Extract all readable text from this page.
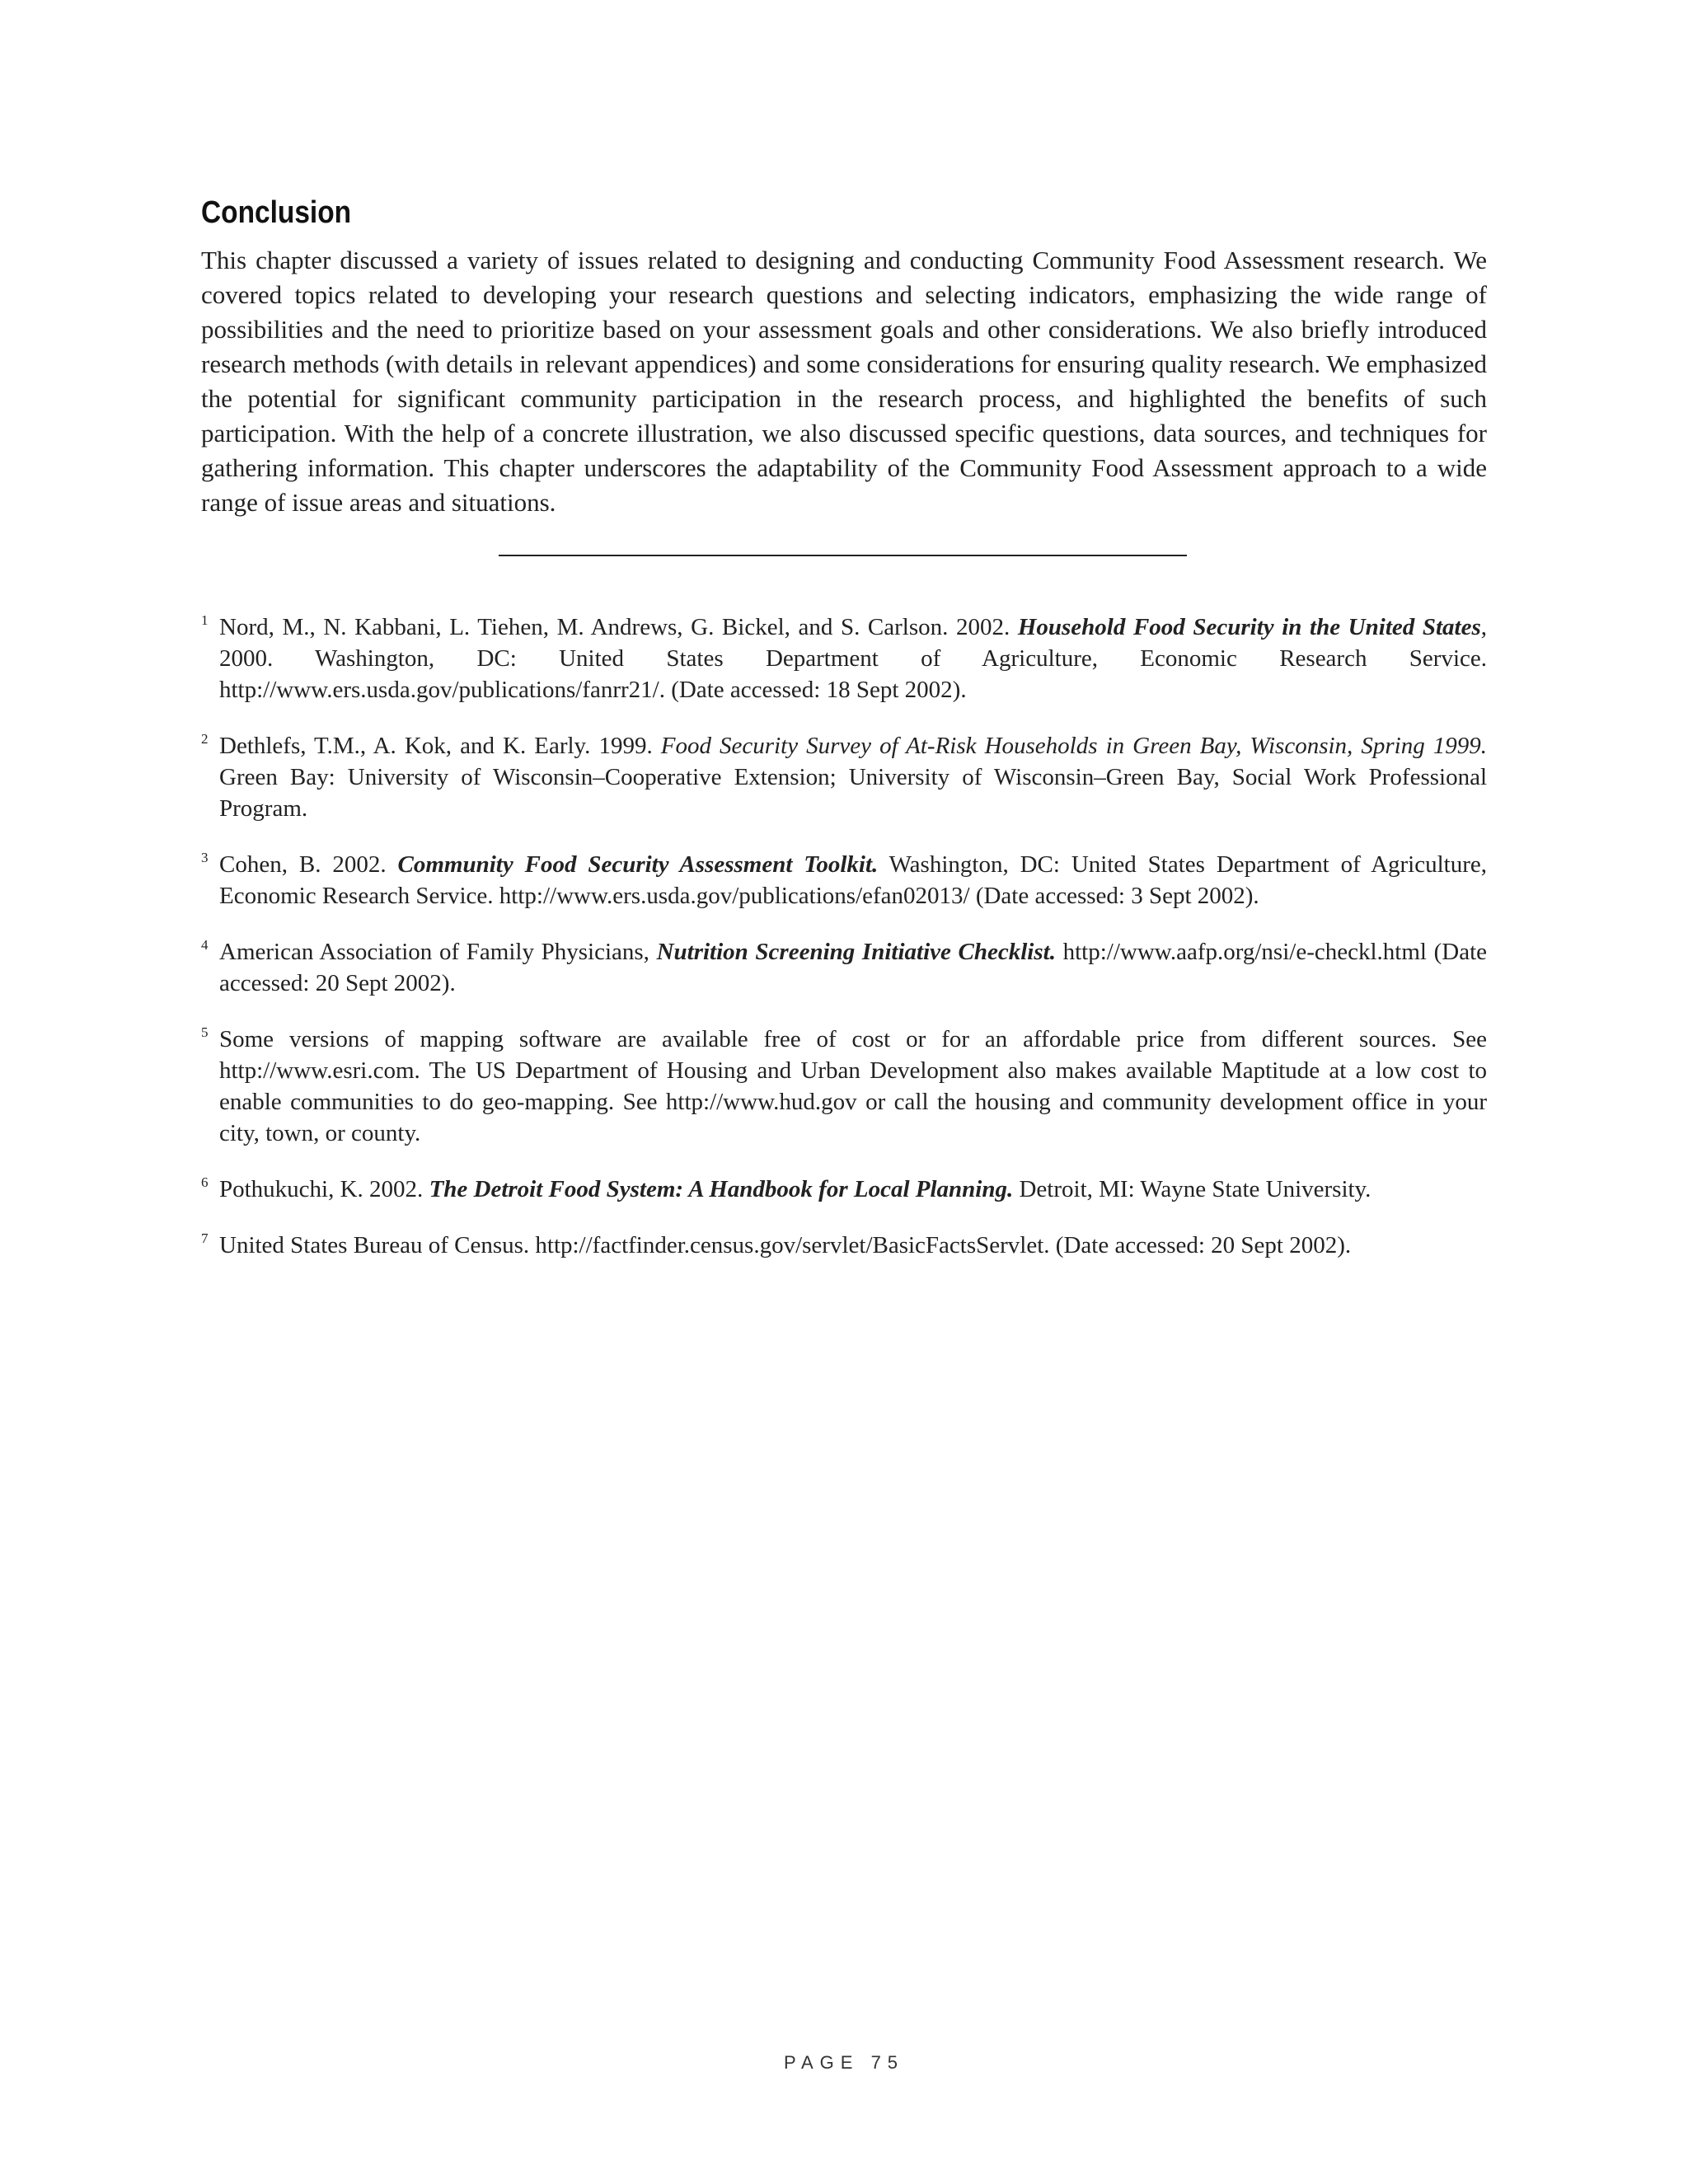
Conclusion

This chapter discussed a variety of issues related to designing and conducting Community Food Assessment research. We covered topics related to developing your research questions and selecting indicators, emphasizing the wide range of possibilities and the need to prioritize based on your assessment goals and other considerations. We also briefly introduced research methods (with details in relevant appendices) and some considerations for ensuring quality research. We emphasized the potential for significant community participation in the research process, and highlighted the benefits of such participation. With the help of a concrete illustration, we also discussed specific questions, data sources, and techniques for gathering information. This chapter underscores the adaptability of the Community Food Assessment approach to a wide range of issue areas and situations.

1 Nord, M., N. Kabbani, L. Tiehen, M. Andrews, G. Bickel, and S. Carlson. 2002. Household Food Security in the United States, 2000. Washington, DC: United States Department of Agriculture, Economic Research Service. http://www.ers.usda.gov/publications/fanrr21/. (Date accessed: 18 Sept 2002).
2 Dethlefs, T.M., A. Kok, and K. Early. 1999. Food Security Survey of At-Risk Households in Green Bay, Wisconsin, Spring 1999. Green Bay: University of Wisconsin–Cooperative Extension; University of Wisconsin–Green Bay, Social Work Professional Program.
3 Cohen, B. 2002. Community Food Security Assessment Toolkit. Washington, DC: United States Department of Agriculture, Economic Research Service. http://www.ers.usda.gov/publications/efan02013/ (Date accessed: 3 Sept 2002).
4 American Association of Family Physicians, Nutrition Screening Initiative Checklist. http://www.aafp.org/nsi/e-checkl.html (Date accessed: 20 Sept 2002).
5 Some versions of mapping software are available free of cost or for an affordable price from different sources. See http://www.esri.com. The US Department of Housing and Urban Development also makes available Maptitude at a low cost to enable communities to do geo-mapping. See http://www.hud.gov or call the housing and community development office in your city, town, or county.
6 Pothukuchi, K. 2002. The Detroit Food System: A Handbook for Local Planning. Detroit, MI: Wayne State University.
7 United States Bureau of Census. http://factfinder.census.gov/servlet/BasicFactsServlet. (Date accessed: 20 Sept 2002).
PAGE 75
